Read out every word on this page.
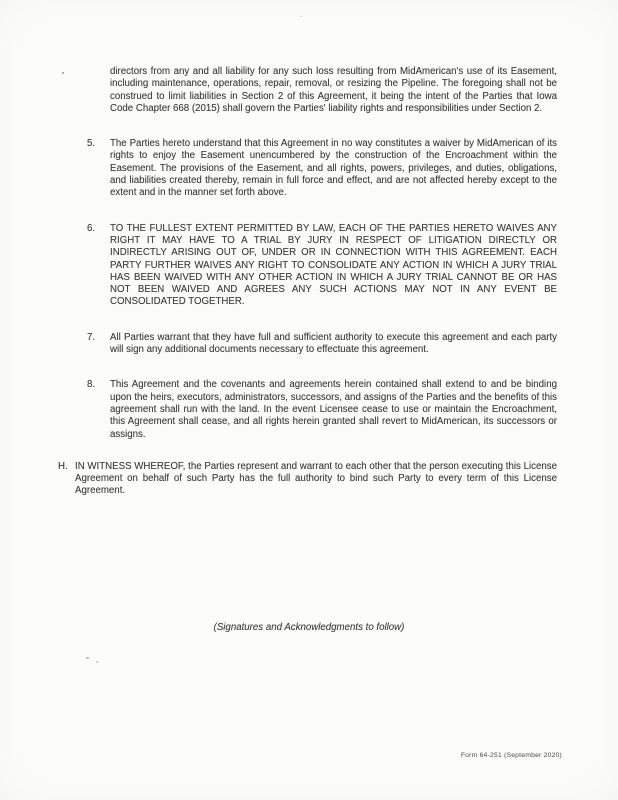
directors from any and all liability for any such loss resulting from MidAmerican's use of its Easement, including maintenance, operations, repair, removal, or resizing the Pipeline. The foregoing shall not be construed to limit liabilities in Section 2 of this Agreement, it being the intent of the Parties that Iowa Code Chapter 668 (2015) shall govern the Parties' liability rights and responsibilities under Section 2.

5.	The Parties hereto understand that this Agreement in no way constitutes a waiver by MidAmerican of its rights to enjoy the Easement unencumbered by the construction of the Encroachment within the Easement. The provisions of the Easement, and all rights, powers, privileges, and duties, obligations, and liabilities created thereby, remain in full force and effect, and are not affected hereby except to the extent and in the manner set forth above.

6.	TO THE FULLEST EXTENT PERMITTED BY LAW, EACH OF THE PARTIES HERETO WAIVES ANY RIGHT IT MAY HAVE TO A TRIAL BY JURY IN RESPECT OF LITIGATION DIRECTLY OR INDIRECTLY ARISING OUT OF, UNDER OR IN CONNECTION WITH THIS AGREEMENT. EACH PARTY FURTHER WAIVES ANY RIGHT TO CONSOLIDATE ANY ACTION IN WHICH A JURY TRIAL HAS BEEN WAIVED WITH ANY OTHER ACTION IN WHICH A JURY TRIAL CANNOT BE OR HAS NOT BEEN WAIVED AND AGREES ANY SUCH ACTIONS MAY NOT IN ANY EVENT BE CONSOLIDATED TOGETHER.

7.	All Parties warrant that they have full and sufficient authority to execute this agreement and each party will sign any additional documents necessary to effectuate this agreement.

8.	This Agreement and the covenants and agreements herein contained shall extend to and be binding upon the heirs, executors, administrators, successors, and assigns of the Parties and the benefits of this agreement shall run with the land. In the event Licensee cease to use or maintain the Encroachment, this Agreement shall cease, and all rights herein granted shall revert to MidAmerican, its successors or assigns.

H. IN WITNESS WHEREOF, the Parties represent and warrant to each other that the person executing this License Agreement on behalf of such Party has the full authority to bind such Party to every term of this License Agreement.

(Signatures and Acknowledgments to follow)
Form 64-251 (September 2020)
